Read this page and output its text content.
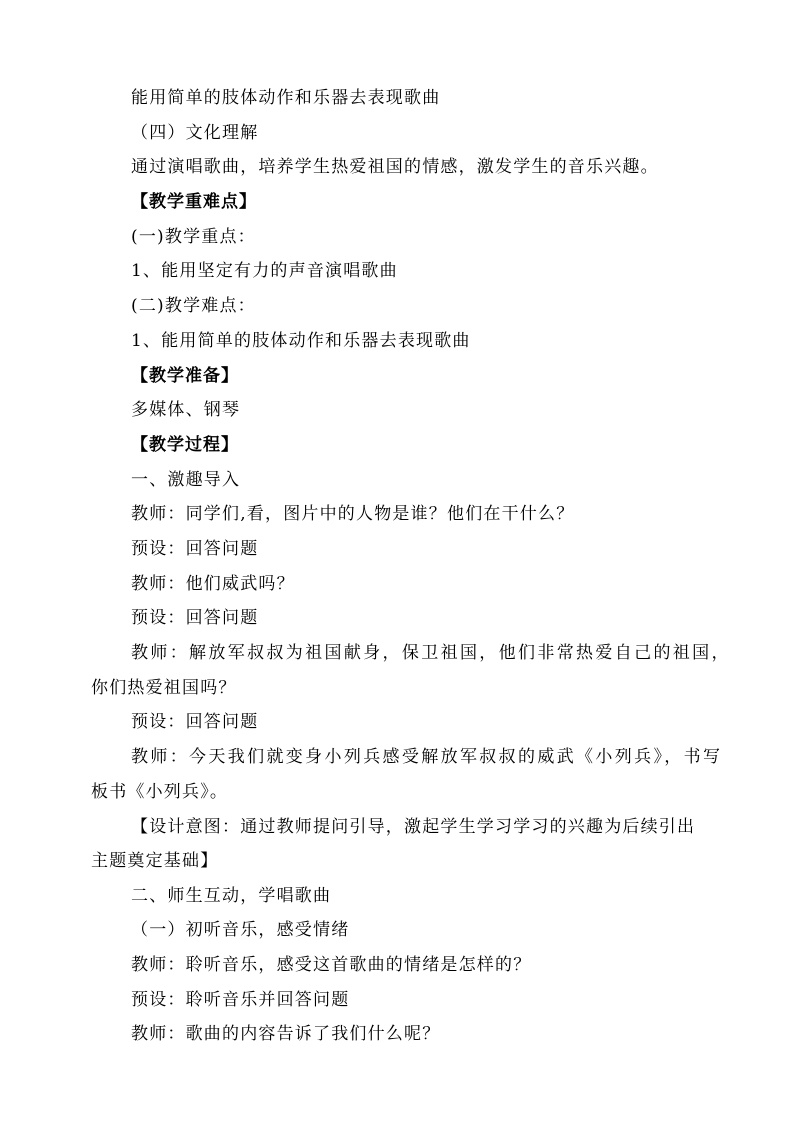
能用简单的肢体动作和乐器去表现歌曲
（四）文化理解
通过演唱歌曲，培养学生热爱祖国的情感，激发学生的音乐兴趣。
【教学重难点】
(一)教学重点：
1、能用坚定有力的声音演唱歌曲
(二)教学难点：
1、能用简单的肢体动作和乐器去表现歌曲
【教学准备】
多媒体、钢琴
【教学过程】
一、激趣导入
教师：同学们,看，图片中的人物是谁？他们在干什么？
预设：回答问题
教师：他们威武吗？
预设：回答问题
教师：解放军叔叔为祖国献身，保卫祖国，他们非常热爱自己的祖国，
你们热爱祖国吗？
预设：回答问题
教师：今天我们就变身小列兵感受解放军叔叔的威武《小列兵》，书写
板书《小列兵》。
【设计意图：通过教师提问引导，激起学生学习学习的兴趣为后续引出
主题奠定基础】
二、师生互动，学唱歌曲
（一）初听音乐，感受情绪
教师：聆听音乐，感受这首歌曲的情绪是怎样的？
预设：聆听音乐并回答问题
教师：歌曲的内容告诉了我们什么呢？
